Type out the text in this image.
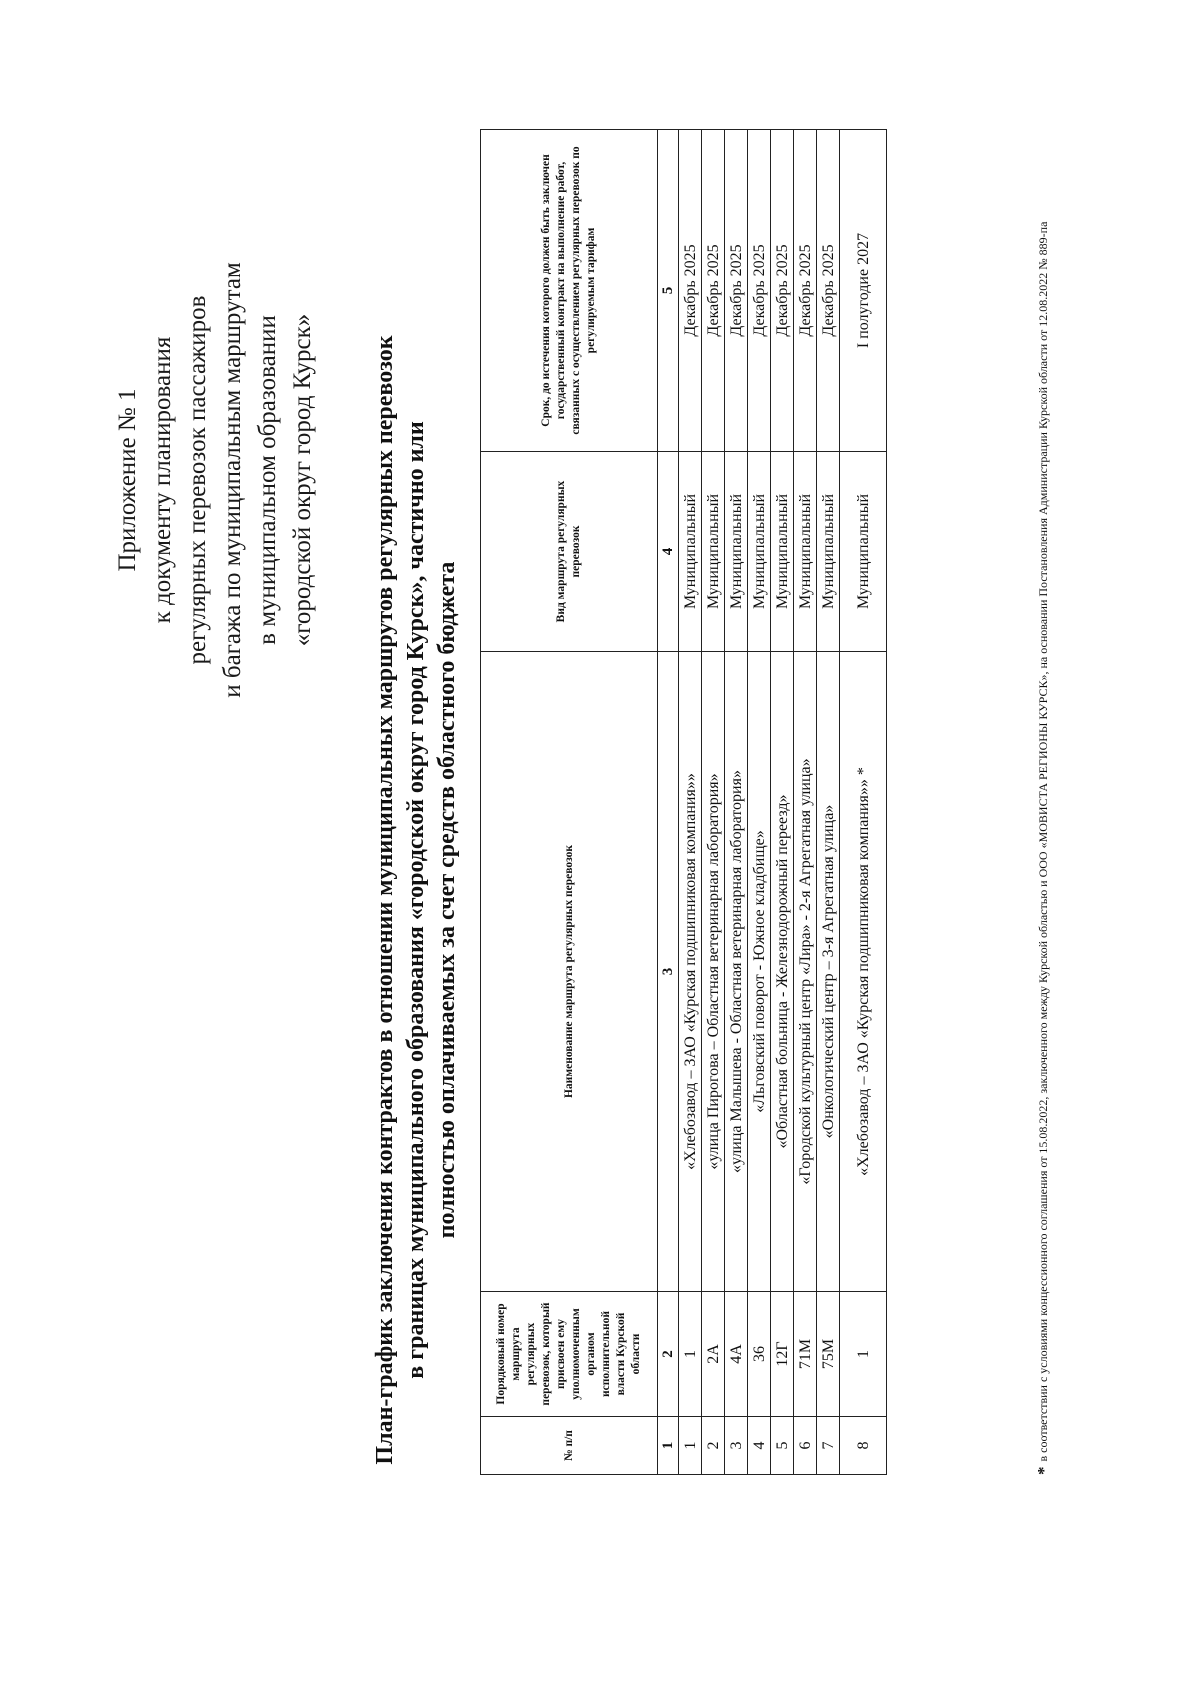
Приложение № 1 к документу планирования регулярных перевозок пассажиров и багажа по муниципальным маршрутам в муниципальном образовании «городской округ город Курск» План-график заключения контрактов в отношении муниципальных маршрутов регулярных перевозок в границах муниципального образования «городской округ город Курск», частично или полностью оплачиваемых за счет средств областного бюджета
№ п/п	Порядковый номер маршрута регулярных перевозок, который присвоен ему уполномоченным органом исполнительной власти Курской области	Наименование маршрута регулярных перевозок	Вид маршрута регулярных перевозок	Срок, до истечения которого должен быть заключен государственный контракт на выполнение работ, связанных с осуществлением регулярных перевозок по регулируемым тарифам
1	2	3	4	5
1	1	«Хлебозавод – ЗАО «Курская подшипниковая компания»»	Муниципальный	Декабрь 2025
2	2А	«улица Пирогова – Областная ветеринарная лаборатория»	Муниципальный	Декабрь 2025
3	4А	«улица Малышева - Областная ветеринарная лаборатория»	Муниципальный	Декабрь 2025
4	36	«Льговский поворот - Южное кладбище»	Муниципальный	Декабрь 2025
5	12Г	«Областная больница - Железнодорожный переезд»	Муниципальный	Декабрь 2025
6	71М	«Городской культурный центр «Лира» - 2-я Агрегатная улица»	Муниципальный	Декабрь 2025
7	75М	«Онкологический центр – 3-я Агрегатная улица»	Муниципальный	Декабрь 2025
8	1	«Хлебозавод – ЗАО «Курская подшипниковая компания»» *	Муниципальный	I полугодие 2027
* в соответствии с условиями концессионного соглашения от 15.08.2022, заключенного между Курской областью и ООО «МОВИСТА РЕГИОНЫ КУРСК», на основании Постановления Администрации Курской области от 12.08.2022 № 889-па
